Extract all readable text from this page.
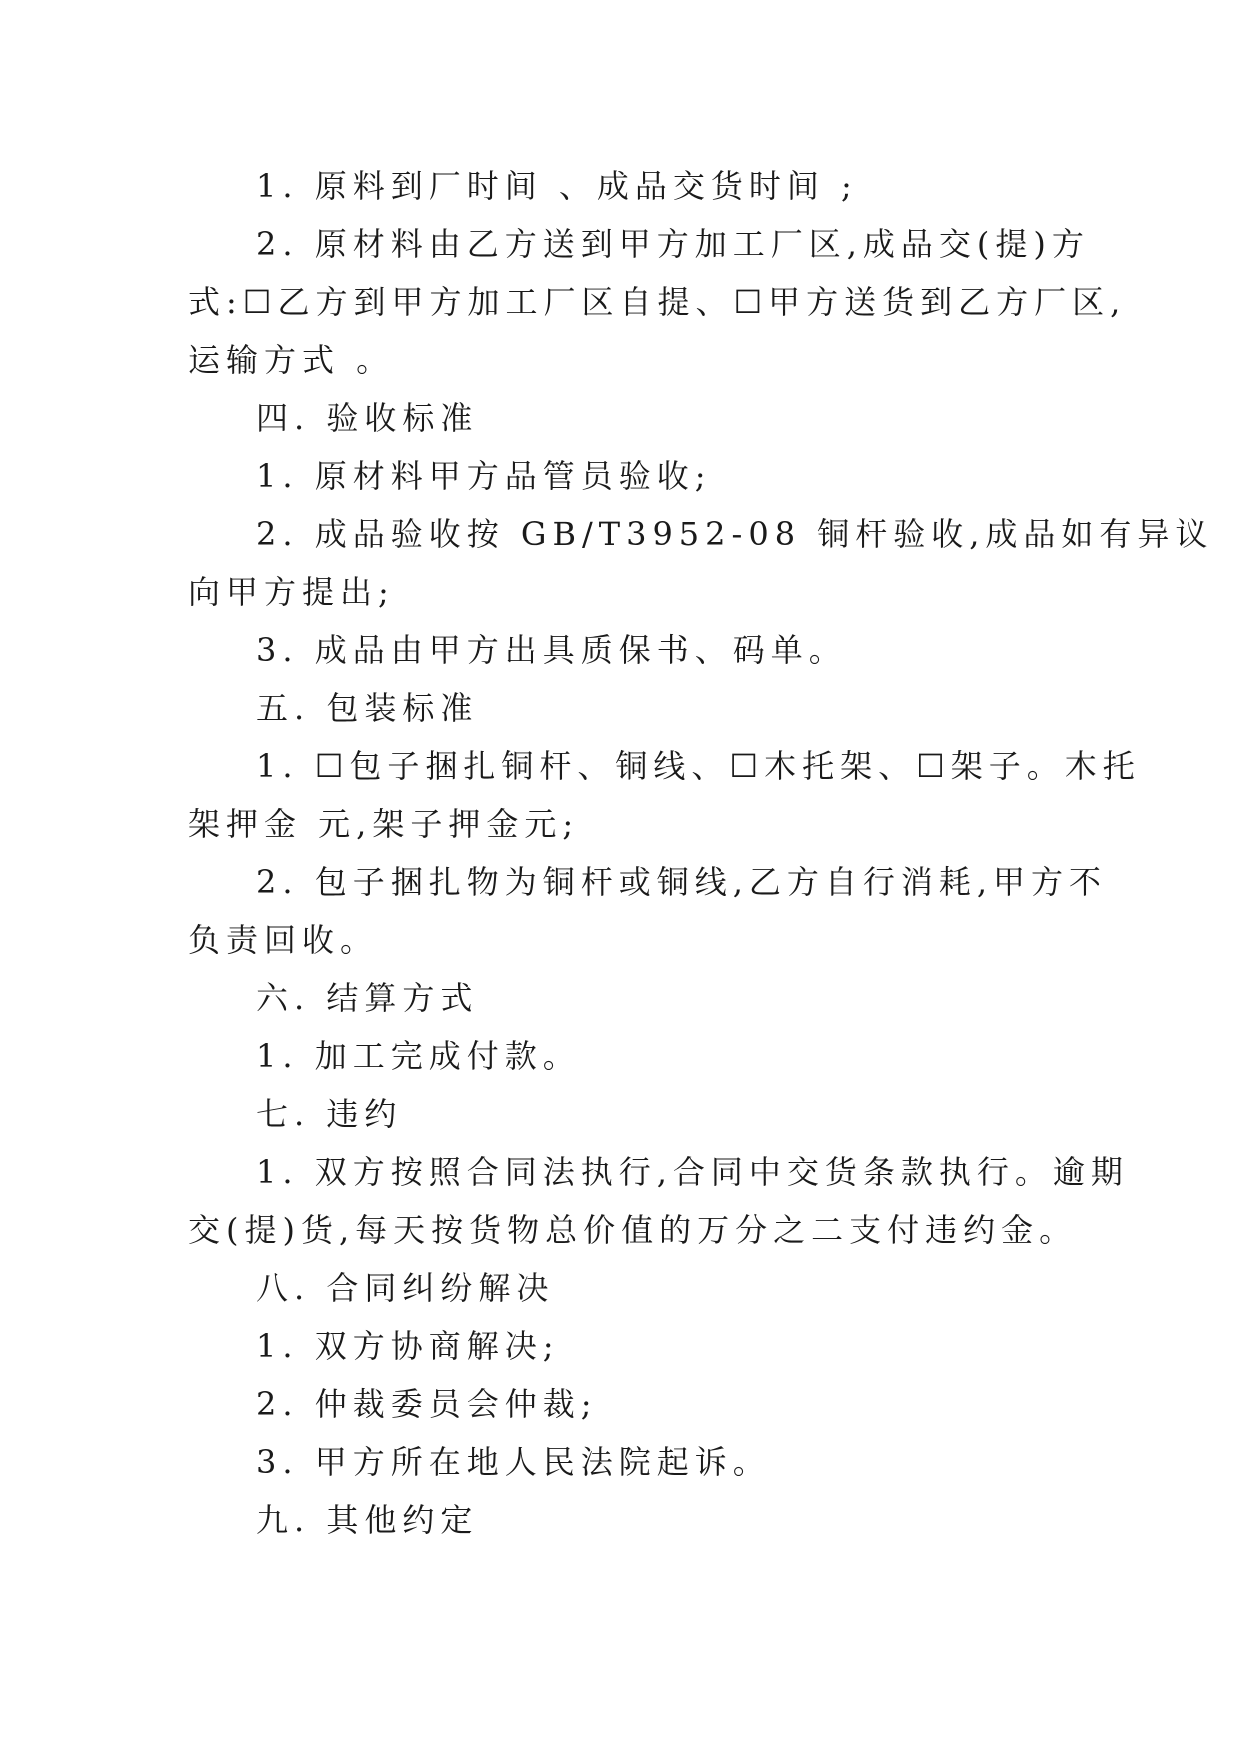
1. 原料到厂时间 、成品交货时间 ;
2. 原材料由乙方送到甲方加工厂区,成品交(提)方
式:☐乙方到甲方加工厂区自提、☐甲方送货到乙方厂区,
运输方式 。
四. 验收标准
1. 原材料甲方品管员验收;
2. 成品验收按 GB/T3952-08 铜杆验收,成品如有异议
向甲方提出;
3. 成品由甲方出具质保书、码单。
五. 包装标准
1. ☐包子捆扎铜杆、铜线、☐木托架、☐架子。木托
架押金 元,架子押金元;
2. 包子捆扎物为铜杆或铜线,乙方自行消耗,甲方不
负责回收。
六. 结算方式
1. 加工完成付款。
七. 违约
1. 双方按照合同法执行,合同中交货条款执行。逾期
交(提)货,每天按货物总价值的万分之二支付违约金。
八. 合同纠纷解决
1. 双方协商解决;
2. 仲裁委员会仲裁;
3. 甲方所在地人民法院起诉。
九. 其他约定
